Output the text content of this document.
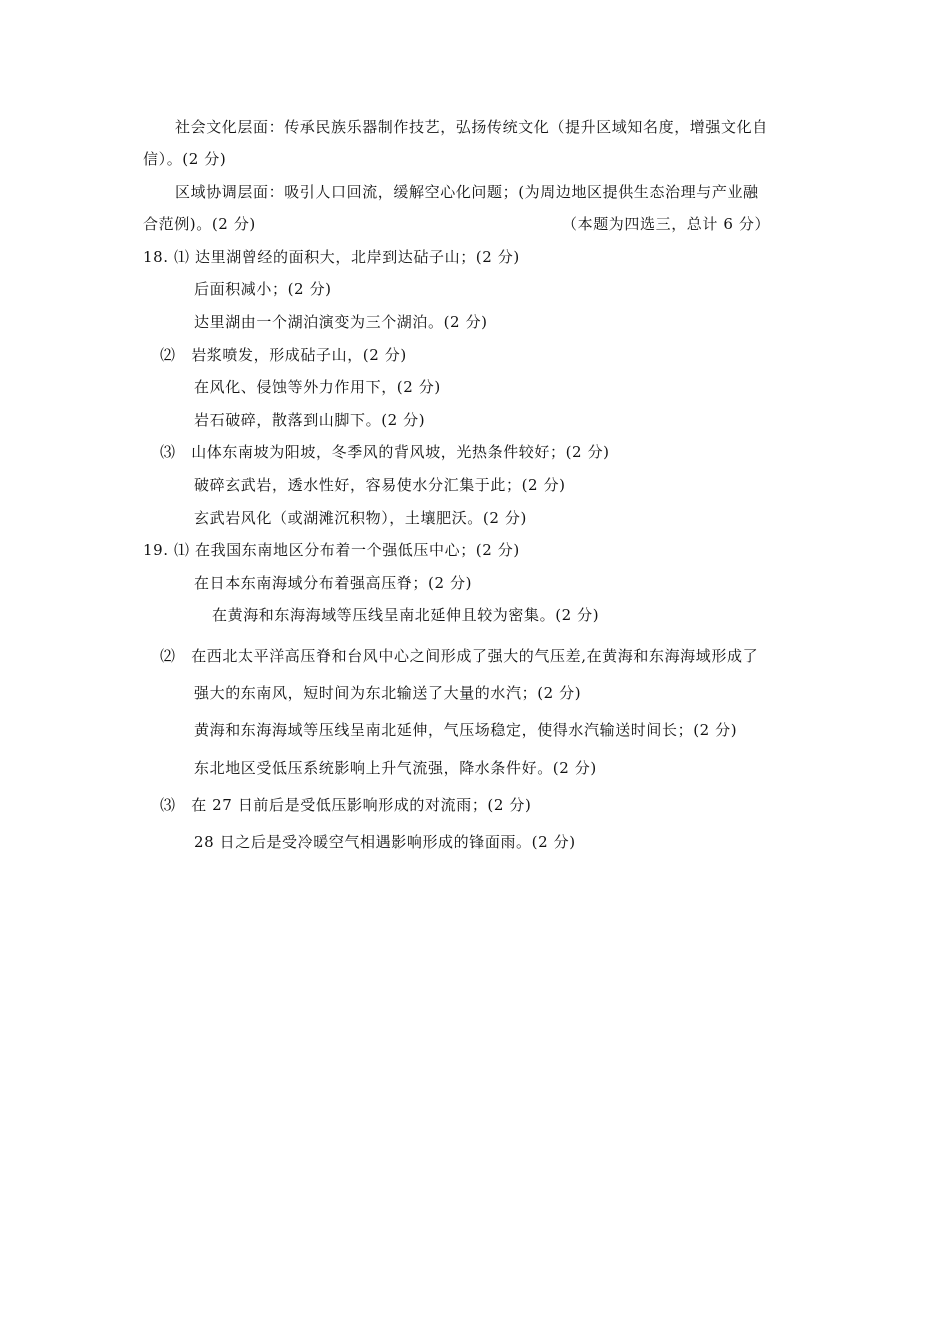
社会文化层面：传承民族乐器制作技艺，弘扬传统文化（提升区域知名度，增强文化自
信）。(2 分)
区域协调层面：吸引人口回流，缓解空心化问题；(为周边地区提供生态治理与产业融
合范例)。(2 分)	（本题为四选三，总计 6 分）
18. ⑴ 达里湖曾经的面积大，北岸到达砧子山；(2 分)
后面积减小；(2 分)
达里湖由一个湖泊演变为三个湖泊。(2 分)
⑵　岩浆喷发，形成砧子山，(2 分)
在风化、侵蚀等外力作用下，(2 分)
岩石破碎，散落到山脚下。(2 分)
⑶　山体东南坡为阳坡，冬季风的背风坡，光热条件较好；(2 分)
破碎玄武岩，透水性好，容易使水分汇集于此；(2 分)
玄武岩风化（或湖滩沉积物），土壤肥沃。(2 分)
19. ⑴ 在我国东南地区分布着一个强低压中心；(2 分)
在日本东南海域分布着强高压脊；(2 分)
在黄海和东海海域等压线呈南北延伸且较为密集。(2 分)
⑵　在西北太平洋高压脊和台风中心之间形成了强大的气压差,在黄海和东海海域形成了
强大的东南风，短时间为东北输送了大量的水汽；(2 分)
黄海和东海海域等压线呈南北延伸，气压场稳定，使得水汽输送时间长；(2 分)
东北地区受低压系统影响上升气流强，降水条件好。(2 分)
⑶　在 27 日前后是受低压影响形成的对流雨；(2 分)
28 日之后是受冷暖空气相遇影响形成的锋面雨。(2 分)
